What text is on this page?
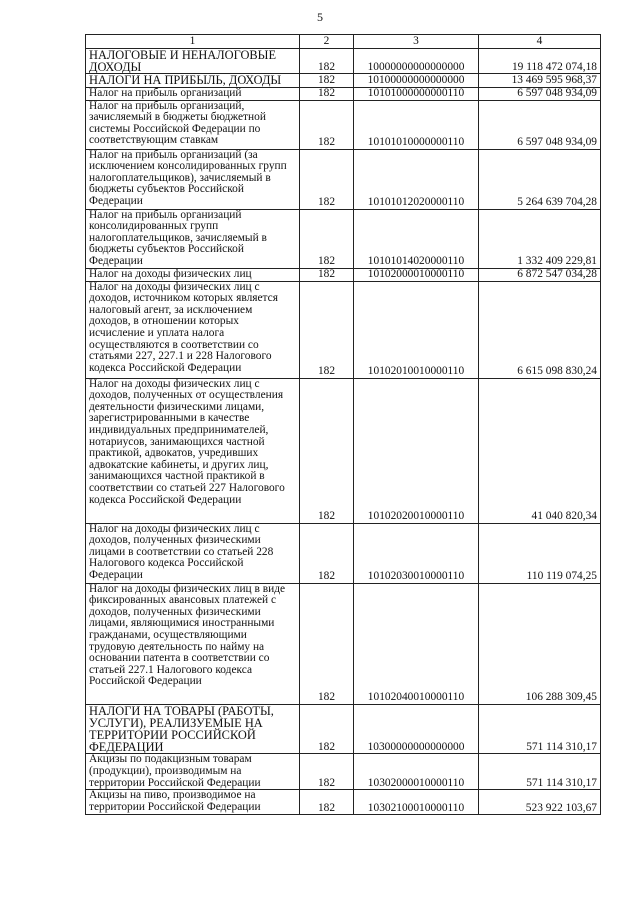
5
1	2	3	4
НАЛОГОВЫЕ И НЕНАЛОГОВЫЕ ДОХОДЫ	182	10000000000000000	19 118 472 074,18
НАЛОГИ НА ПРИБЫЛЬ, ДОХОДЫ	182	10100000000000000	13 469 595 968,37
Налог на прибыль организаций	182	10101000000000110	6 597 048 934,09
Налог на прибыль организаций, зачисляемый в бюджеты бюджетной системы Российской Федерации по соответствующим ставкам	182	10101010000000110	6 597 048 934,09
Налог на прибыль организаций (за исключением консолидированных групп налогоплательщиков), зачисляемый в бюджеты субъектов Российской Федерации	182	10101012020000110	5 264 639 704,28
Налог на прибыль организаций консолидированных групп налогоплательщиков, зачисляемый в бюджеты субъектов Российской Федерации	182	10101014020000110	1 332 409 229,81
Налог на доходы физических лиц	182	10102000010000110	6 872 547 034,28
Налог на доходы физических лиц с доходов, источником которых является налоговый агент, за исключением доходов, в отношении которых исчисление и уплата налога осуществляются в соответствии со статьями 227, 227.1 и 228 Налогового кодекса Российской Федерации	182	10102010010000110	6 615 098 830,24
Налог на доходы физических лиц с доходов, полученных от осуществления деятельности физическими лицами, зарегистрированными в качестве индивидуальных предпринимателей, нотариусов, занимающихся частной практикой, адвокатов, учредивших адвокатские кабинеты, и других лиц, занимающихся частной практикой в соответствии со статьей 227 Налогового кодекса Российской Федерации	182	10102020010000110	41 040 820,34
Налог на доходы физических лиц с доходов, полученных физическими лицами в соответствии со статьей 228 Налогового кодекса Российской Федерации	182	10102030010000110	110 119 074,25
Налог на доходы физических лиц в виде фиксированных авансовых платежей с доходов, полученных физическими лицами, являющимися иностранными гражданами, осуществляющими трудовую деятельность по найму на основании патента в соответствии со статьей 227.1 Налогового кодекса Российской Федерации	182	10102040010000110	106 288 309,45
НАЛОГИ НА ТОВАРЫ (РАБОТЫ, УСЛУГИ), РЕАЛИЗУЕМЫЕ НА ТЕРРИТОРИИ РОССИЙСКОЙ ФЕДЕРАЦИИ	182	10300000000000000	571 114 310,17
Акцизы по подакцизным товарам (продукции), производимым на территории Российской Федерации	182	10302000010000110	571 114 310,17
Акцизы на пиво, производимое на территории Российской Федерации	182	10302100010000110	523 922 103,67
